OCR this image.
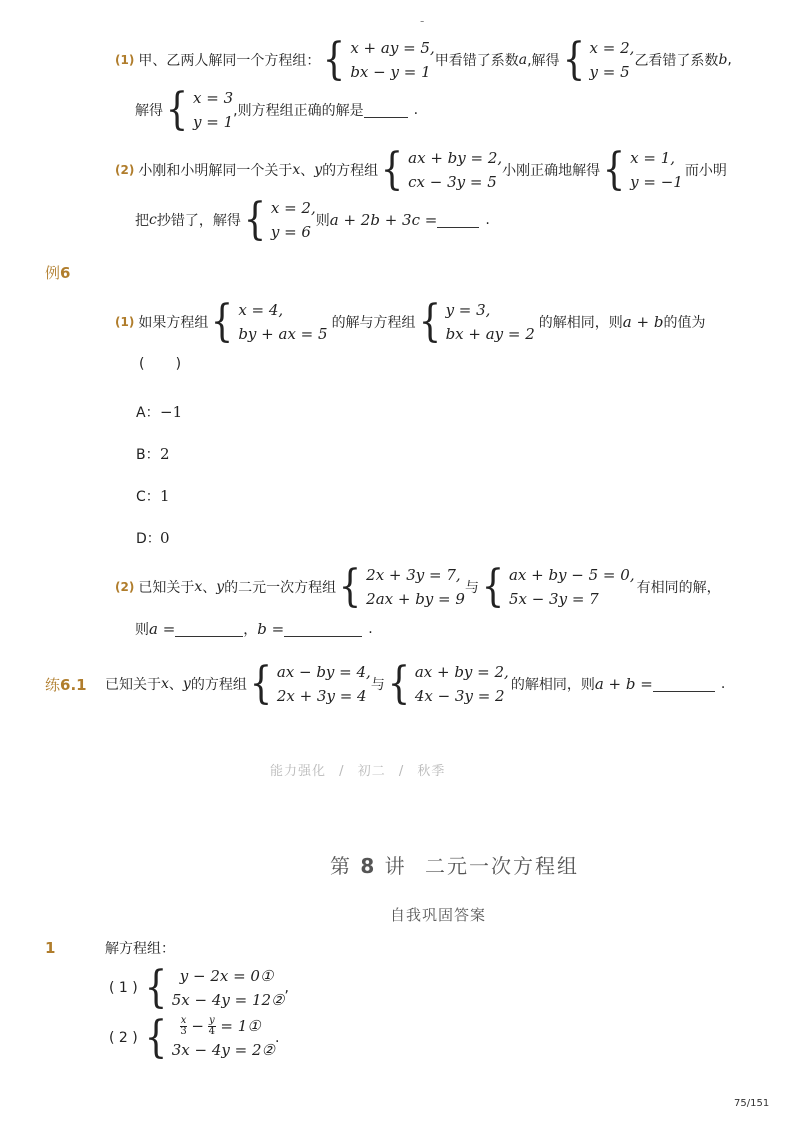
-
(1) 甲、乙两人解同一个方程组： { x + ay = 5,
bx − y = 1
甲看错了系数 a ,解得 { x = 2,
y = 5
乙看错了系数 b ,
解得 { x = 3
y = 1
,则方程组正确的解是	.
(2) 小刚和小明解同一个关于 x 、 y 的方程组 { ax + by = 2,
cx − 3y = 5
小刚正确地解得 { x = 1,
y = −1
而小明
把 c 抄错了，解得 { x = 2,
y = 6
则 a + 2b + 3c =	.
例6
(1) 如果方程组 { x = 4,
by + ax = 5
的解与方程组 { y = 3,
bx + ay = 2
的解相同，则 a + b 的值为
(       )
A： −1
B： 2
C： 1
D： 0
(2) 已知关于 x 、 y 的二元一次方程组 { 2x + 3y = 7,
2ax + by = 9
与 { ax + by − 5 = 0,
5x − 3y = 7
有相同的解，
则 a =	， b =	.
练6.1	已知关于 x 、 y 的方程组 { ax − by = 4,
2x + 3y = 4
与 { ax + by = 2,
4x − 3y = 2
的解相同，则 a + b =	.
能力强化 / 初二 / 秋季
第 8 讲 二元一次方程组
自我巩固答案
1	解方程组：
( 1 ) { y − 2x = 0①
5x − 4y = 12②
,
( 2 ) { $\frac{x}{3} - \frac{y}{4}$ = 1①
3x − 4y = 2②
.
75/151
